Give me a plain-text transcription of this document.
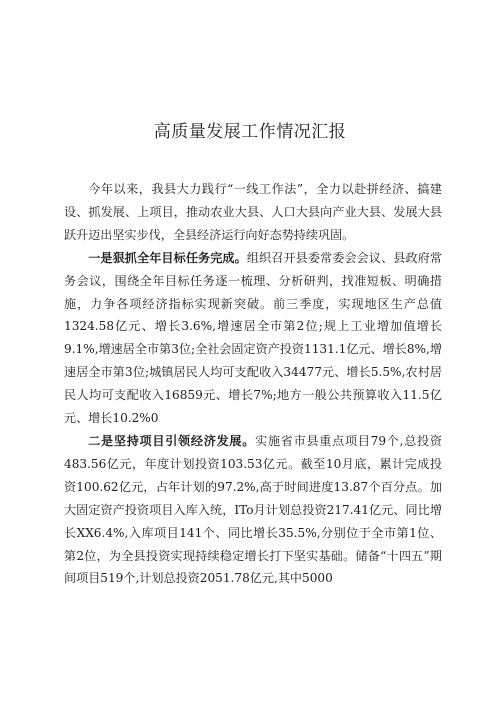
高质量发展工作情况汇报

今年以来，我县大力践行“一线工作法”，全力以赴拼经济、搞建设、抓发展、上项目，推动农业大县、人口大县向产业大县、发展大县跃升迈出坚实步伐，全县经济运行向好态势持续巩固。

一是狠抓全年目标任务完成。组织召开县委常委会会议、县政府常务会议，围绕全年目标任务逐一梳理、分析研判，找准短板、明确措施，力争各项经济指标实现新突破。前三季度，实现地区生产总值1324.58亿元、增长3.6%,增速居全市第2位;规上工业增加值增长9.1%,增速居全市第3位;全社会固定资产投资1131.1亿元、增长8%,增速居全市第3位;城镇居民人均可支配收入34477元、增长5.5%,农村居民人均可支配收入16859元、增长7%;地方一般公共预算收入11.5亿元、增长10.2%0

二是坚持项目引领经济发展。实施省市县重点项目79个,总投资483.56亿元，年度计划投资103.53亿元。截至10月底，累计完成投资100.62亿元，占年计划的97.2%,高于时间进度13.87个百分点。加大固定资产投资项目入库入统，ITo月计划总投资217.41亿元、同比增长XX6.4%,入库项目141个、同比增长35.5%,分别位于全市第1位、第2位，为全县投资实现持续稳定增长打下坚实基础。储备“十四五”期间项目519个,计划总投资2051.78亿元,其中5000
